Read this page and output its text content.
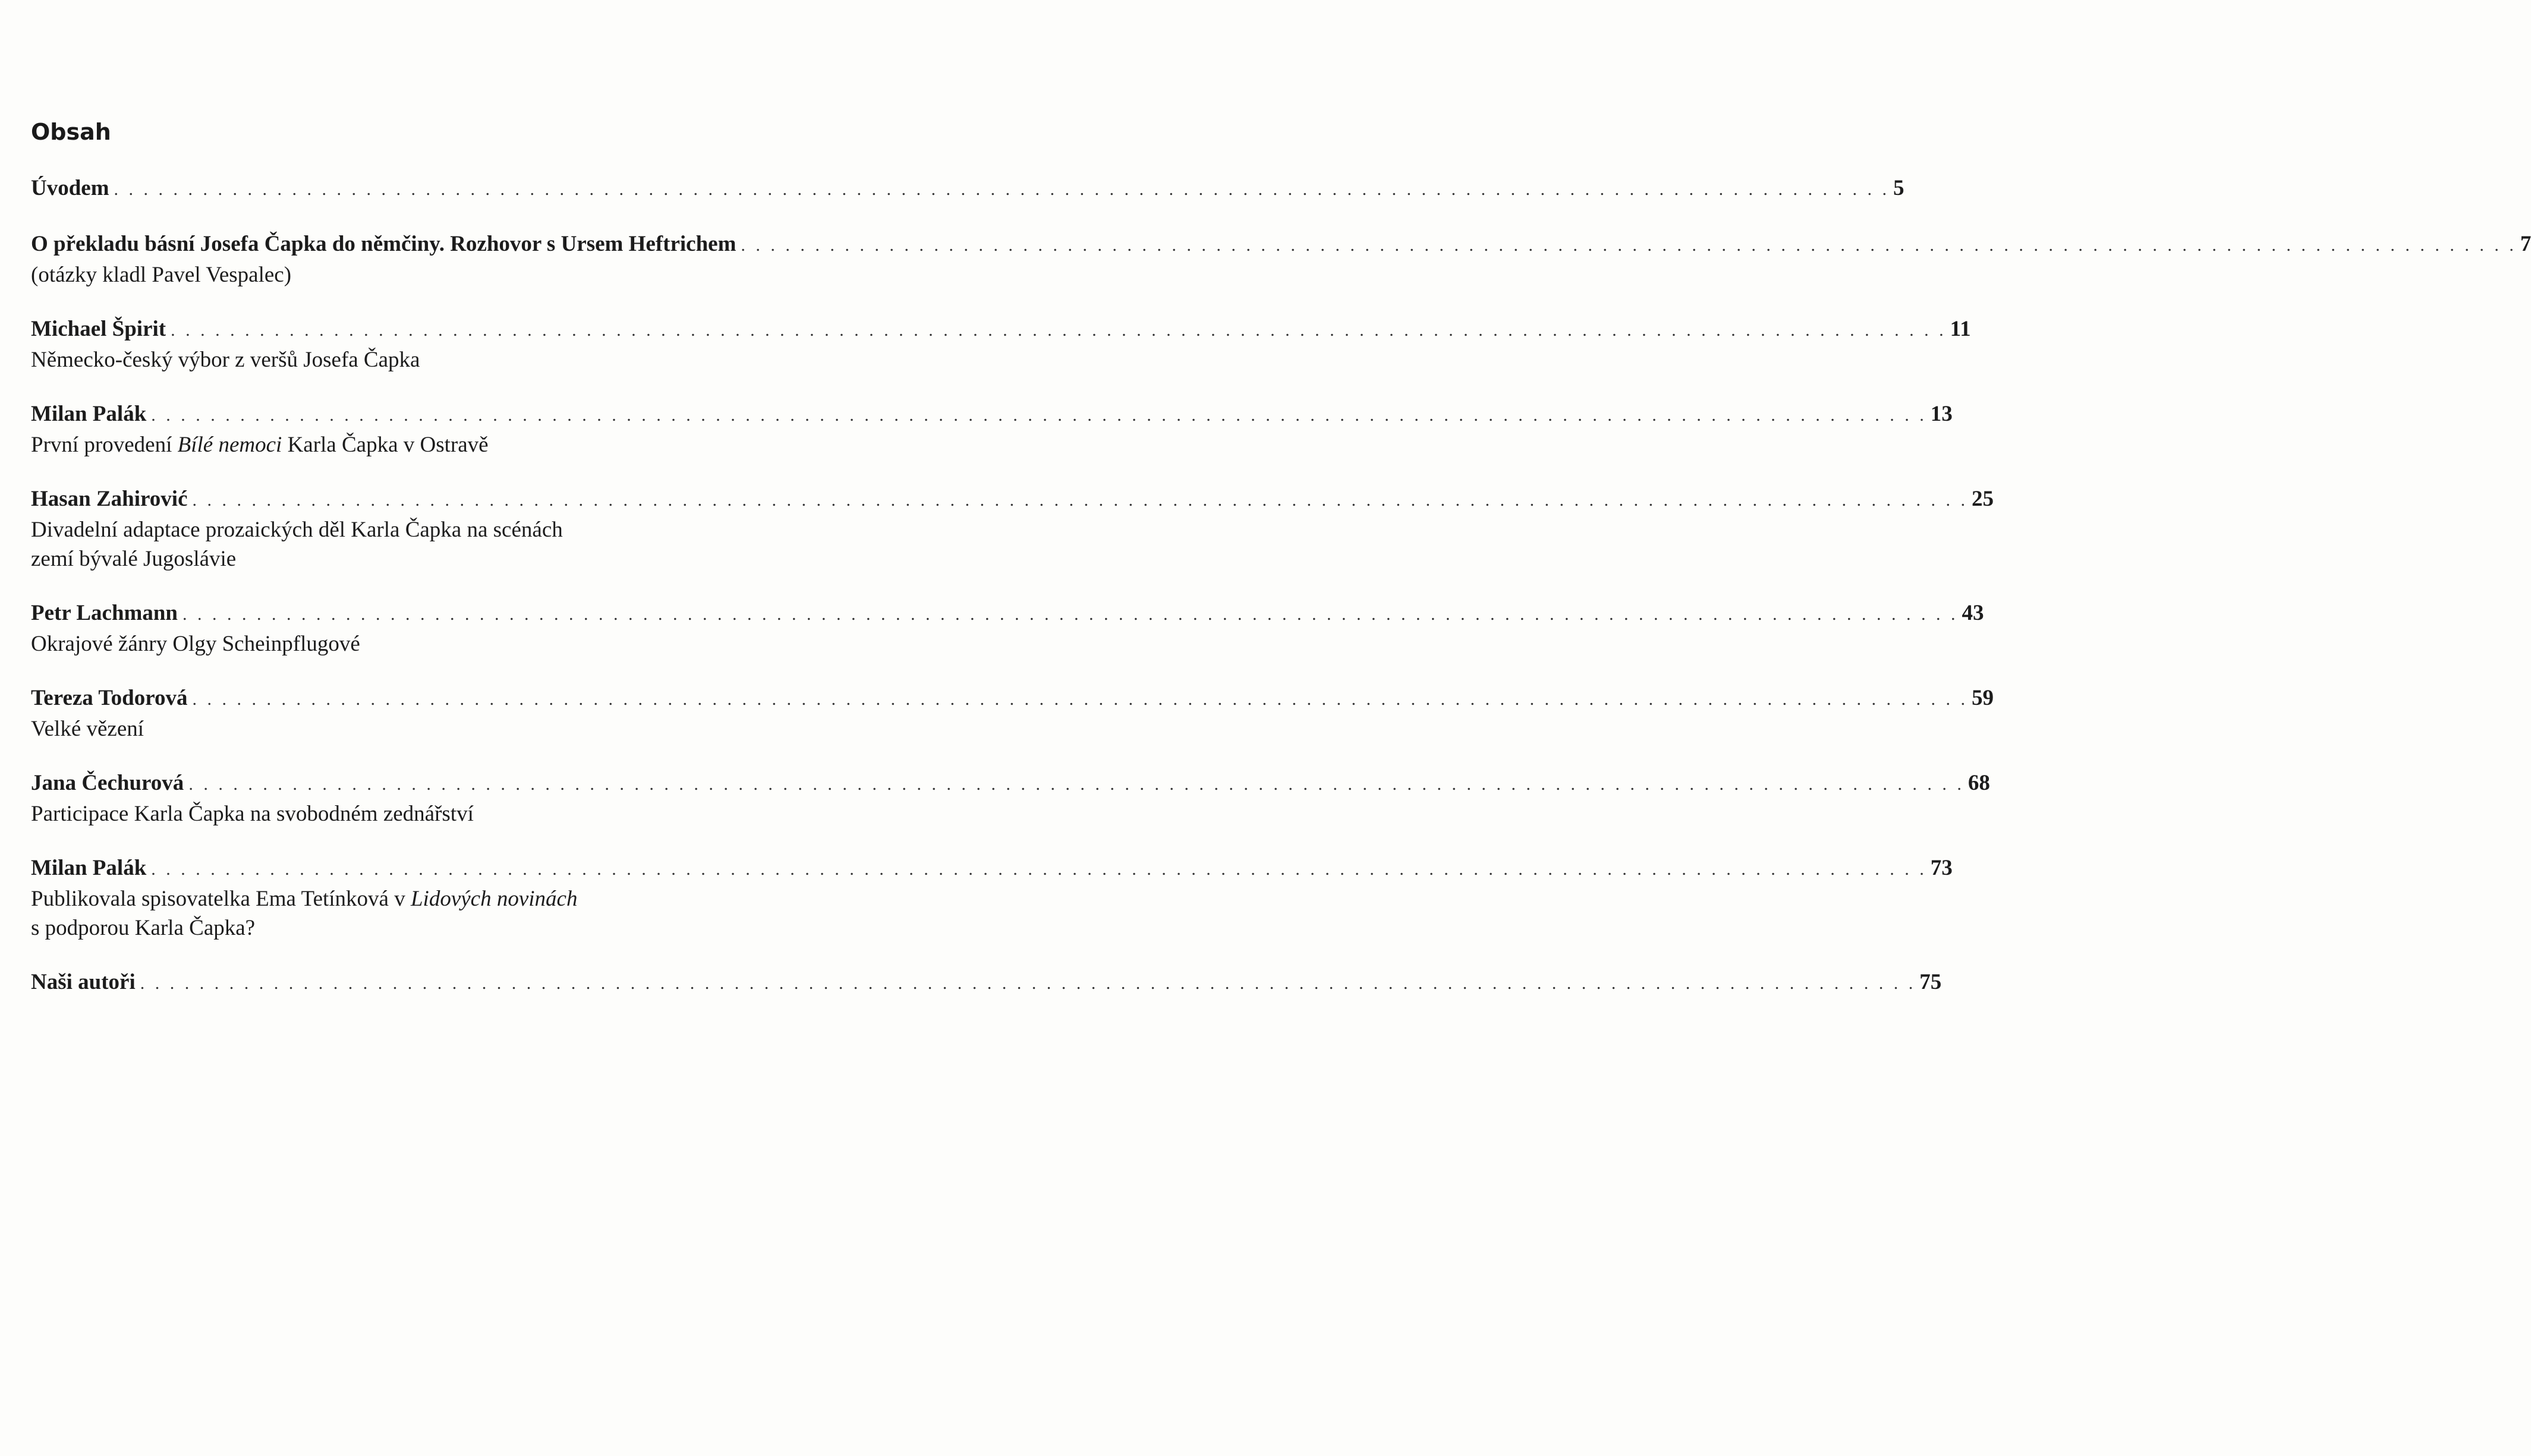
Obsah
Úvodem . . . . . . . . . . . . . . . . . . . . . . . . . . . . . . . . . . . . . . . . . . . . . . . . . . . . . . . . . . . . . . . . . . . . . . . . . . . . . . . . . . . . . . . . . . . . . . . . . . . . . . . . . . . . . . . . . . . . . . . . 5
O překladu básní Josefa Čapka do němčiny. Rozhovor s Ursem Heftrichem . . . . . . . . . . . . . . . . . . . . . . . . . . . . . . . . . . . . . . . . . . . . . . . . . . . . . . . . . . . . . . . . . . . . . . . . . . . . . . . . . . . . . . . . . . . . . . . . . . . . . . . . . . . . . . . . . . . . . . . . 7
(otázky kladl Pavel Vespalec)
Michael Špirit . . . . . . . . . . . . . . . . . . . . . . . . . . . . . . . . . . . . . . . . . . . . . . . . . . . . . . . . . . . . . . . . . . . . . . . . . . . . . . . . . . . . . . . . . . . . . . . . . . . . . . . . . . . . . . . . . . . . . . . . 11
Německo-český výbor z veršů Josefa Čapka
Milan Palák . . . . . . . . . . . . . . . . . . . . . . . . . . . . . . . . . . . . . . . . . . . . . . . . . . . . . . . . . . . . . . . . . . . . . . . . . . . . . . . . . . . . . . . . . . . . . . . . . . . . . . . . . . . . . . . . . . . . . . . . 13
První provedení Bílé nemoci Karla Čapka v Ostravě
Hasan Zahirović . . . . . . . . . . . . . . . . . . . . . . . . . . . . . . . . . . . . . . . . . . . . . . . . . . . . . . . . . . . . . . . . . . . . . . . . . . . . . . . . . . . . . . . . . . . . . . . . . . . . . . . . . . . . . . . . . . . . . . . . 25
Divadelní adaptace prozaických děl Karla Čapka na scénách
zemí bývalé Jugoslávie
Petr Lachmann . . . . . . . . . . . . . . . . . . . . . . . . . . . . . . . . . . . . . . . . . . . . . . . . . . . . . . . . . . . . . . . . . . . . . . . . . . . . . . . . . . . . . . . . . . . . . . . . . . . . . . . . . . . . . . . . . . . . . . . . 43
Okrajové žánry Olgy Scheinpflugové
Tereza Todorová . . . . . . . . . . . . . . . . . . . . . . . . . . . . . . . . . . . . . . . . . . . . . . . . . . . . . . . . . . . . . . . . . . . . . . . . . . . . . . . . . . . . . . . . . . . . . . . . . . . . . . . . . . . . . . . . . . . . . . . . 59
Velké vězení
Jana Čechurová . . . . . . . . . . . . . . . . . . . . . . . . . . . . . . . . . . . . . . . . . . . . . . . . . . . . . . . . . . . . . . . . . . . . . . . . . . . . . . . . . . . . . . . . . . . . . . . . . . . . . . . . . . . . . . . . . . . . . . . . 68
Participace Karla Čapka na svobodném zednářství
Milan Palák . . . . . . . . . . . . . . . . . . . . . . . . . . . . . . . . . . . . . . . . . . . . . . . . . . . . . . . . . . . . . . . . . . . . . . . . . . . . . . . . . . . . . . . . . . . . . . . . . . . . . . . . . . . . . . . . . . . . . . . . 73
Publikovala spisovatelka Ema Tetínková v Lidových novinách
s podporou Karla Čapka?
Naši autoři . . . . . . . . . . . . . . . . . . . . . . . . . . . . . . . . . . . . . . . . . . . . . . . . . . . . . . . . . . . . . . . . . . . . . . . . . . . . . . . . . . . . . . . . . . . . . . . . . . . . . . . . . . . . . . . . . . . . . . . . 75
